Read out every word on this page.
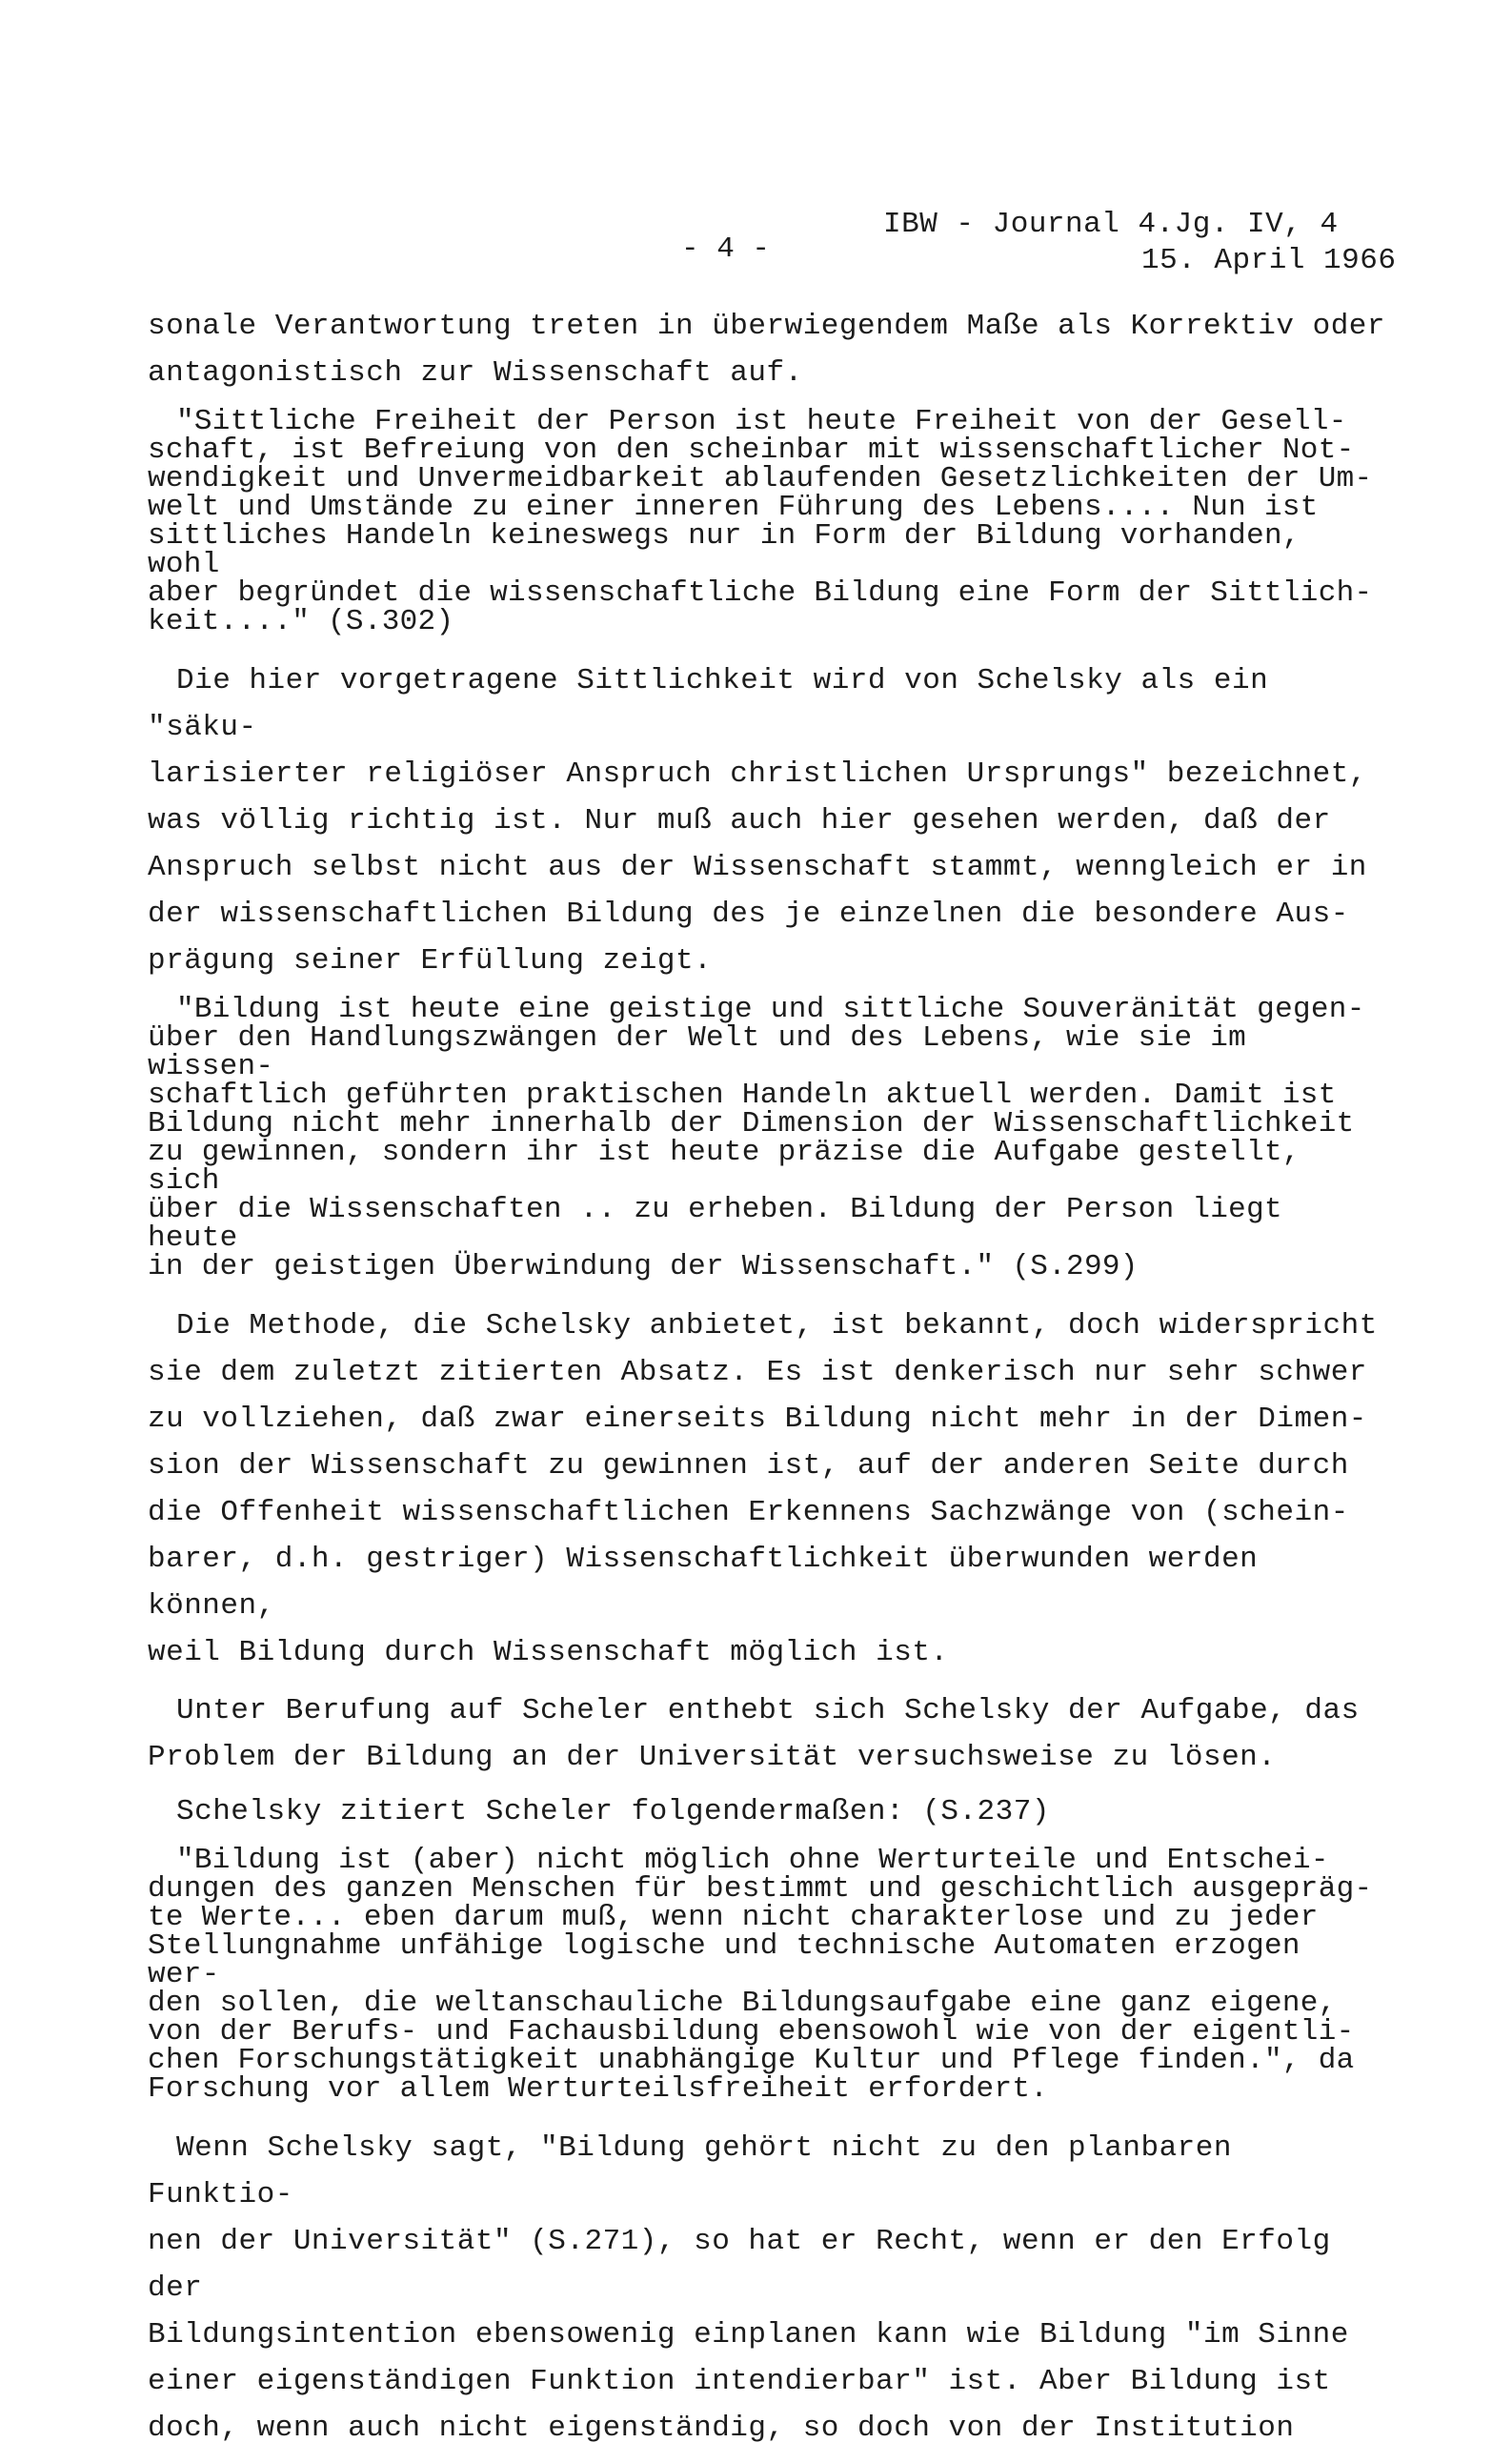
IBW - Journal 4.Jg. IV, 4
- 4 -	15. April 1966

sonale Verantwortung treten in überwiegendem Maße als Korrektiv oder
antagonistisch zur Wissenschaft auf.

"Sittliche Freiheit der Person ist heute Freiheit von der Gesell-
schaft, ist Befreiung von den scheinbar mit wissenschaftlicher Not-
wendigkeit und Unvermeidbarkeit ablaufenden Gesetzlichkeiten der Um-
welt und Umstände zu einer inneren Führung des Lebens.... Nun ist
sittliches Handeln keineswegs nur in Form der Bildung vorhanden, wohl
aber begründet die wissenschaftliche Bildung eine Form der Sittlich-
keit...." (S.302)

Die hier vorgetragene Sittlichkeit wird von Schelsky als ein "säku-
larisierter religiöser Anspruch christlichen Ursprungs" bezeichnet,
was völlig richtig ist. Nur muß auch hier gesehen werden, daß der
Anspruch selbst nicht aus der Wissenschaft stammt, wenngleich er in
der wissenschaftlichen Bildung des je einzelnen die besondere Aus-
prägung seiner Erfüllung zeigt.

"Bildung ist heute eine geistige und sittliche Souveränität gegen-
über den Handlungszwängen der Welt und des Lebens, wie sie im wissen-
schaftlich geführten praktischen Handeln aktuell werden. Damit ist
Bildung nicht mehr innerhalb der Dimension der Wissenschaftlichkeit
zu gewinnen, sondern ihr ist heute präzise die Aufgabe gestellt, sich
über die Wissenschaften .. zu erheben. Bildung der Person liegt heute
in der geistigen Überwindung der Wissenschaft." (S.299)

Die Methode, die Schelsky anbietet, ist bekannt, doch widerspricht
sie dem zuletzt zitierten Absatz. Es ist denkerisch nur sehr schwer
zu vollziehen, daß zwar einerseits Bildung nicht mehr in der Dimen-
sion der Wissenschaft zu gewinnen ist, auf der anderen Seite durch
die Offenheit wissenschaftlichen Erkennens Sachzwänge von (schein-
barer, d.h. gestriger) Wissenschaftlichkeit überwunden werden können,
weil Bildung durch Wissenschaft möglich ist.

Unter Berufung auf Scheler enthebt sich Schelsky der Aufgabe, das
Problem der Bildung an der Universität versuchsweise zu lösen.

Schelsky zitiert Scheler folgendermaßen: (S.237)

"Bildung ist (aber) nicht möglich ohne Werturteile und Entschei-
dungen des ganzen Menschen für bestimmt und geschichtlich ausgepräg-
te Werte... eben darum muß, wenn nicht charakterlose und zu jeder
Stellungnahme unfähige logische und technische Automaten erzogen wer-
den sollen, die weltanschauliche Bildungsaufgabe eine ganz eigene,
von der Berufs- und Fachausbildung ebensowohl wie von der eigentli-
chen Forschungstätigkeit unabhängige Kultur und Pflege finden.", da
Forschung vor allem Werturteilsfreiheit erfordert.

Wenn Schelsky sagt, "Bildung gehört nicht zu den planbaren Funktio-
nen der Universität" (S.271), so hat er Recht, wenn er den Erfolg der
Bildungsintention ebensowenig einplanen kann wie Bildung "im Sinne
einer eigenständigen Funktion intendierbar" ist. Aber Bildung ist
doch, wenn auch nicht eigenständig, so doch von der Institution
